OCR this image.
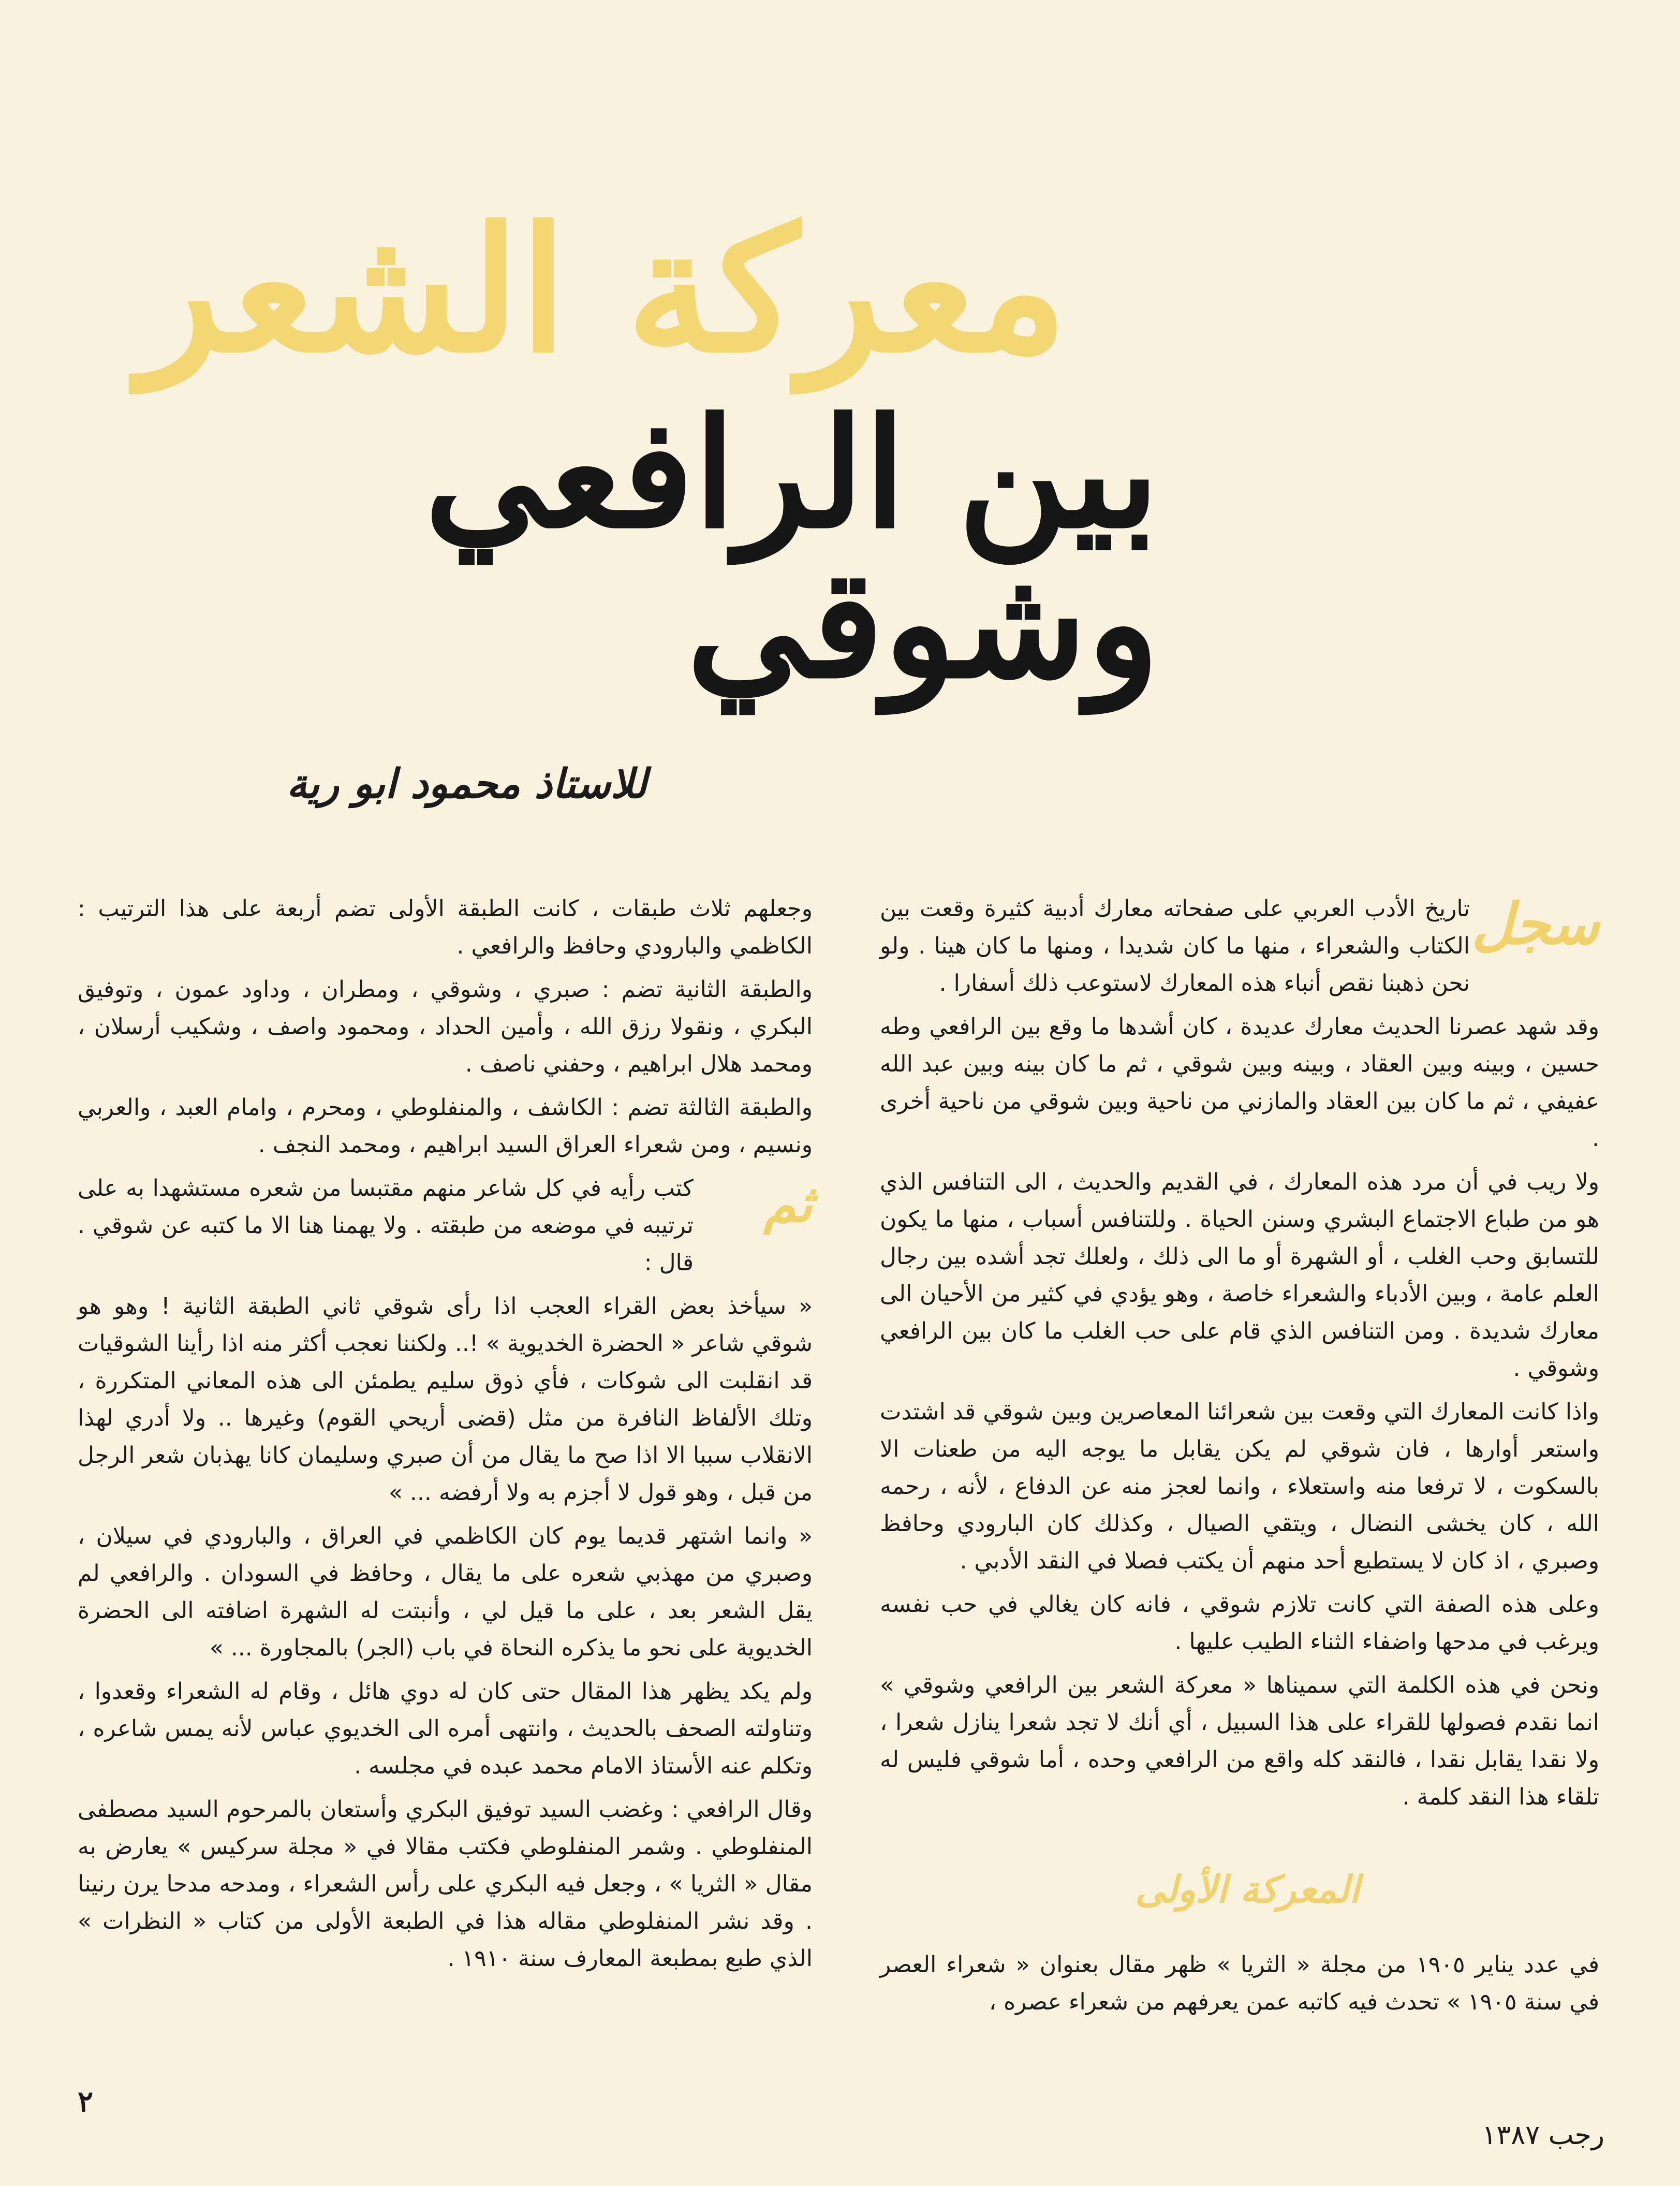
معركة الشعر
بين الرافعي وشوقي
للاستاذ محمود ابو رية
سجل
ثم

تاريخ الأدب العربي على صفحاته معارك أدبية كثيرة وقعت بين الكتاب والشعراء ، منها ما كان شديدا ، ومنها ما كان هينا . ولو نحن ذهبنا نقص أنباء هذه المعارك لاستوعب ذلك أسفارا .

وقد شهد عصرنا الحديث معارك عديدة ، كان أشدها ما وقع بين الرافعي وطه حسين ، وبينه وبين العقاد ، وبينه وبين شوقي ، ثم ما كان بينه وبين عبد الله عفيفي ، ثم ما كان بين العقاد والمازني من ناحية وبين شوقي من ناحية أخرى .

ولا ريب في أن مرد هذه المعارك ، في القديم والحديث ، الى التنافس الذي هو من طباع الاجتماع البشري وسنن الحياة . وللتنافس أسباب ، منها ما يكون للتسابق وحب الغلب ، أو الشهرة أو ما الى ذلك ، ولعلك تجد أشده بين رجال العلم عامة ، وبين الأدباء والشعراء خاصة ، وهو يؤدي في كثير من الأحيان الى معارك شديدة . ومن التنافس الذي قام على حب الغلب ما كان بين الرافعي وشوقي .

واذا كانت المعارك التي وقعت بين شعرائنا المعاصرين وبين شوقي قد اشتدت واستعر أوارها ، فان شوقي لم يكن يقابل ما يوجه اليه من طعنات الا بالسكوت ، لا ترفعا منه واستعلاء ، وانما لعجز منه عن الدفاع ، لأنه ، رحمه الله ، كان يخشى النضال ، ويتقي الصيال ، وكذلك كان البارودي وحافظ وصبري ، اذ كان لا يستطيع أحد منهم أن يكتب فصلا في النقد الأدبي .

وعلى هذه الصفة التي كانت تلازم شوقي ، فانه كان يغالي في حب نفسه ويرغب في مدحها واضفاء الثناء الطيب عليها .

ونحن في هذه الكلمة التي سميناها « معركة الشعر بين الرافعي وشوقي » انما نقدم فصولها للقراء على هذا السبيل ، أي أنك لا تجد شعرا ينازل شعرا ، ولا نقدا يقابل نقدا ، فالنقد كله واقع من الرافعي وحده ، أما شوقي فليس له تلقاء هذا النقد كلمة .

المعركة الأولى

في عدد يناير ١٩٠٥ من مجلة « الثريا » ظهر مقال بعنوان « شعراء العصر في سنة ١٩٠٥ » تحدث فيه كاتبه عمن يعرفهم من شعراء عصره ،

وجعلهم ثلاث طبقات ، كانت الطبقة الأولى تضم أربعة على هذا الترتيب : الكاظمي والبارودي وحافظ والرافعي .

والطبقة الثانية تضم : صبري ، وشوقي ، ومطران ، وداود عمون ، وتوفيق البكري ، ونقولا رزق الله ، وأمين الحداد ، ومحمود واصف ، وشكيب أرسلان ، ومحمد هلال ابراهيم ، وحفني ناصف .

والطبقة الثالثة تضم : الكاشف ، والمنفلوطي ، ومحرم ، وامام العبد ، والعربي ونسيم ، ومن شعراء العراق السيد ابراهيم ، ومحمد النجف .

كتب رأيه في كل شاعر منهم مقتبسا من شعره مستشهدا به على ترتيبه في موضعه من طبقته . ولا يهمنا هنا الا ما كتبه عن شوقي . قال :

« سيأخذ بعض القراء العجب اذا رأى شوقي ثاني الطبقة الثانية ! وهو هو شوقي شاعر « الحضرة الخديوية » !.. ولكننا نعجب أكثر منه اذا رأينا الشوقيات قد انقلبت الى شوكات ، فأي ذوق سليم يطمئن الى هذه المعاني المتكررة ، وتلك الألفاظ النافرة من مثل (قضى أريحي القوم) وغيرها .. ولا أدري لهذا الانقلاب سببا الا اذا صح ما يقال من أن صبري وسليمان كانا يهذبان شعر الرجل من قبل ، وهو قول لا أجزم به ولا أرفضه ... »

« وانما اشتهر قديما يوم كان الكاظمي في العراق ، والبارودي في سيلان ، وصبري من مهذبي شعره على ما يقال ، وحافظ في السودان . والرافعي لم يقل الشعر بعد ، على ما قيل لي ، وأنبتت له الشهرة اضافته الى الحضرة الخديوية على نحو ما يذكره النحاة في باب (الجر) بالمجاورة ... »

ولم يكد يظهر هذا المقال حتى كان له دوي هائل ، وقام له الشعراء وقعدوا ، وتناولته الصحف بالحديث ، وانتهى أمره الى الخديوي عباس لأنه يمس شاعره ، وتكلم عنه الأستاذ الامام محمد عبده في مجلسه .

وقال الرافعي : وغضب السيد توفيق البكري وأستعان بالمرحوم السيد مصطفى المنفلوطي . وشمر المنفلوطي فكتب مقالا في « مجلة سركيس » يعارض به مقال « الثريا » ، وجعل فيه البكري على رأس الشعراء ، ومدحه مدحا يرن رنينا . وقد نشر المنفلوطي مقاله هذا في الطبعة الأولى من كتاب « النظرات » الذي طبع بمطبعة المعارف سنة ١٩١٠ .

٢
رجب ١٣٨٧
